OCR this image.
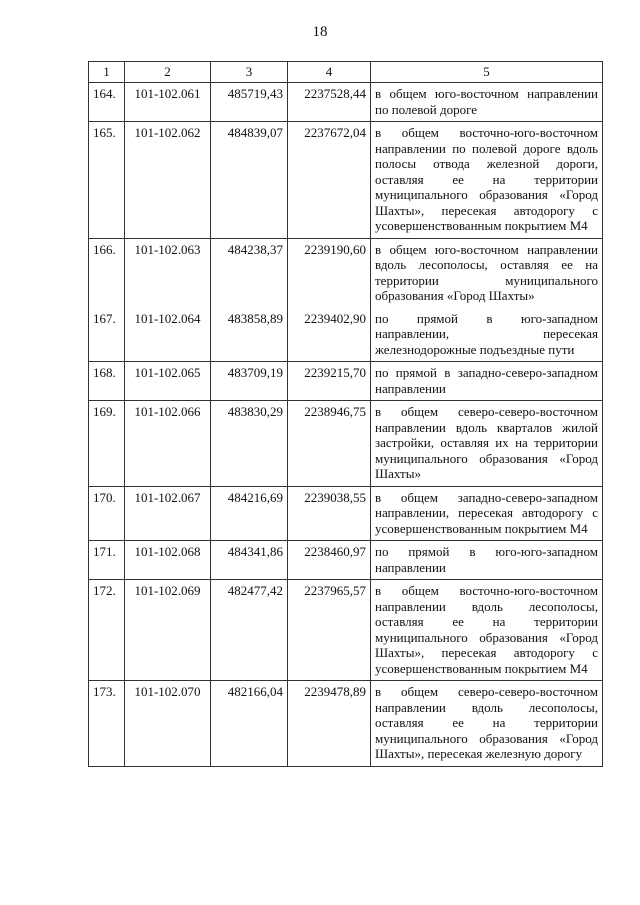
18
1	2	3	4	5
164.	101-102.061	485719,43	2237528,44	в общем юго-восточном направлении по полевой дороге
165.	101-102.062	484839,07	2237672,04	в общем восточно-юго-восточном направлении по полевой дороге вдоль полосы отвода железной дороги, оставляя ее на территории муниципального образования «Город Шахты», пересекая автодорогу с усовершенствованным покрытием М4
166.	101-102.063	484238,37	2239190,60	в общем юго-восточном направлении вдоль лесополосы, оставляя ее на территории муниципального образования «Город Шахты»
167.	101-102.064	483858,89	2239402,90	по прямой в юго-западном направлении, пересекая железнодорожные подъездные пути
168.	101-102.065	483709,19	2239215,70	по прямой в западно-северо-западном направлении
169.	101-102.066	483830,29	2238946,75	в общем северо-северо-восточном направлении вдоль кварталов жилой застройки, оставляя их на территории муниципального образования «Город Шахты»
170.	101-102.067	484216,69	2239038,55	в общем западно-северо-западном направлении, пересекая автодорогу с усовершенствованным покрытием М4
171.	101-102.068	484341,86	2238460,97	по прямой в юго-юго-западном направлении
172.	101-102.069	482477,42	2237965,57	в общем восточно-юго-восточном направлении вдоль лесополосы, оставляя ее на территории муниципального образования «Город Шахты», пересекая автодорогу с усовершенствованным покрытием М4
173.	101-102.070	482166,04	2239478,89	в общем северо-северо-восточном направлении вдоль лесополосы, оставляя ее на территории муниципального образования «Город Шахты», пересекая железную дорогу
